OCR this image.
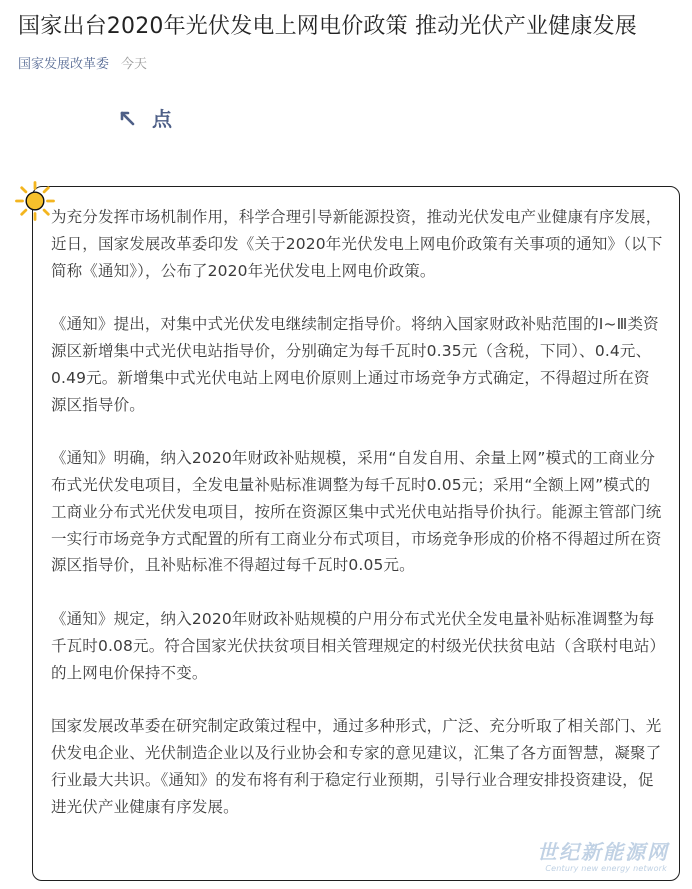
国家出台2020年光伏发电上网电价政策 推动光伏产业健康发展
国家发展改革委 今天
点

为充分发挥市场机制作用，科学合理引导新能源投资，推动光伏发电产业健康有序发展，近日，国家发展改革委印发《关于2020年光伏发电上网电价政策有关事项的通知》（以下简称《通知》），公布了2020年光伏发电上网电价政策。

《通知》提出，对集中式光伏发电继续制定指导价。将纳入国家财政补贴范围的Ⅰ~Ⅲ类资源区新增集中式光伏电站指导价，分别确定为每千瓦时0.35元（含税，下同）、0.4元、0.49元。新增集中式光伏电站上网电价原则上通过市场竞争方式确定，不得超过所在资源区指导价。

《通知》明确，纳入2020年财政补贴规模，采用“自发自用、余量上网”模式的工商业分布式光伏发电项目，全发电量补贴标准调整为每千瓦时0.05元；采用“全额上网”模式的工商业分布式光伏发电项目，按所在资源区集中式光伏电站指导价执行。能源主管部门统一实行市场竞争方式配置的所有工商业分布式项目，市场竞争形成的价格不得超过所在资源区指导价，且补贴标准不得超过每千瓦时0.05元。

《通知》规定，纳入2020年财政补贴规模的户用分布式光伏全发电量补贴标准调整为每千瓦时0.08元。符合国家光伏扶贫项目相关管理规定的村级光伏扶贫电站（含联村电站）的上网电价保持不变。

国家发展改革委在研究制定政策过程中，通过多种形式，广泛、充分听取了相关部门、光伏发电企业、光伏制造企业以及行业协会和专家的意见建议，汇集了各方面智慧，凝聚了行业最大共识。《通知》的发布将有利于稳定行业预期，引导行业合理安排投资建设，促进光伏产业健康有序发展。

世纪新能源网
Century new energy network
